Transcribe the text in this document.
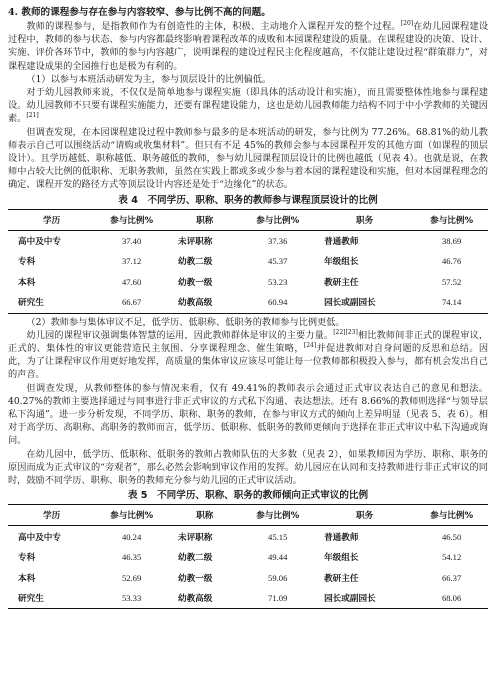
4. 教师的课程参与存在参与内容较窄、参与比例不高的问题。

教师的课程参与，是指教师作为有创造性的主体，积极、主动地介入课程开发的整个过程。[20]在幼儿园课程建设过程中，教师的参与状态、参与内容都最终影响着课程改革的成败和本园课程建设的质量。在课程建设的决策、设计、实施、评价各环节中，教师的参与内容越广，说明课程的建设过程民主化程度越高，不仅能让建设过程“群策群力”，对课程建设成果的全园推行也是极为有利的。

（1）以参与本班活动研发为主，参与顶层设计的比例偏低。

对于幼儿园教师来说，不仅仅是简单地参与课程实施（即具体的活动设计和实施），而且需要整体性地参与课程建设。幼儿园教师不只要有课程实施能力，还要有课程建设能力，这也是幼儿园教师能力结构不同于中小学教师的关键因素。[21]

但调查发现，在本园课程建设过程中教师参与最多的是本班活动的研发，参与比例为 77.26%。68.81%的幼儿教师表示自己可以围绕活动“请购或收集材料”。但只有不足 45%的教师会参与本园课程开发的其他方面（如课程的顶层设计）。且学历越低、职称越低、职务越低的教师，参与幼儿园课程顶层设计的比例也越低（见表 4）。也就是说，在教师中占较大比例的低职称、无职务教师，虽然在实践上都或多或少参与着本园的课程建设和实施，但对本园课程理念的确定、课程开发的路径方式等顶层设计内容还是处于“边缘化”的状态。

表 4　不同学历、职称、职务的教师参与课程顶层设计的比例
学历	参与比例%	职称	参与比例%	职务	参与比例%
高中及中专	37.40	未评职称	37.36	普通教师	38.69
专科	37.12	幼教二级	45.37	年级组长	46.76
本科	47.60	幼教一级	53.23	教研主任	57.52
研究生	66.67	幼教高级	60.94	园长或副园长	74.14

（2）教师参与集体审议不足，低学历、低职称、低职务的教师参与比例更低。

幼儿园的课程审议强调集体智慧的运用，因此教师群体是审议的主要力量。[22][23]相比教师间非正式的课程审议，正式的、集体性的审议更能营造民主氛围、分享课程理念、催生策略，[24]并促进教师对自身问题的反思和总结。因此，为了让课程审议作用更好地发挥，高质量的集体审议应该尽可能让每一位教师都积极投入参与，都有机会发出自己的声音。

但调查发现，从教师整体的参与情况来看，仅有 49.41%的教师表示会通过正式审议表达自己的意见和想法。40.27%的教师主要选择通过与同事进行非正式审议的方式私下沟通、表达想法。还有 8.66%的教师则选择“与领导层私下沟通”。进一步分析发现，不同学历、职称、职务的教师，在参与审议方式的倾向上差异明显（见表 5、表 6）。相对于高学历、高职称、高职务的教师而言，低学历、低职称、低职务的教师更倾向于选择在非正式审议中私下沟通或询问。

在幼儿园中，低学历、低职称、低职务的教师占教师队伍的大多数（见表 2），如果教师因为学历、职称、职务的原因而成为正式审议的“旁观者”，那么必然会影响到审议作用的发挥。幼儿园应在认同和支持教师进行非正式审议的同时，鼓励不同学历、职称、职务的教师充分参与幼儿园的正式审议活动。

表 5　不同学历、职称、职务的教师倾向正式审议的比例
学历	参与比例%	职称	参与比例%	职务	参与比例%
高中及中专	40.24	未评职称	45.15	普通教师	46.50
专科	46.35	幼教二级	49.44	年级组长	54.12
本科	52.69	幼教一级	59.06	教研主任	66.37
研究生	53.33	幼教高级	71.09	园长或副园长	68.06
